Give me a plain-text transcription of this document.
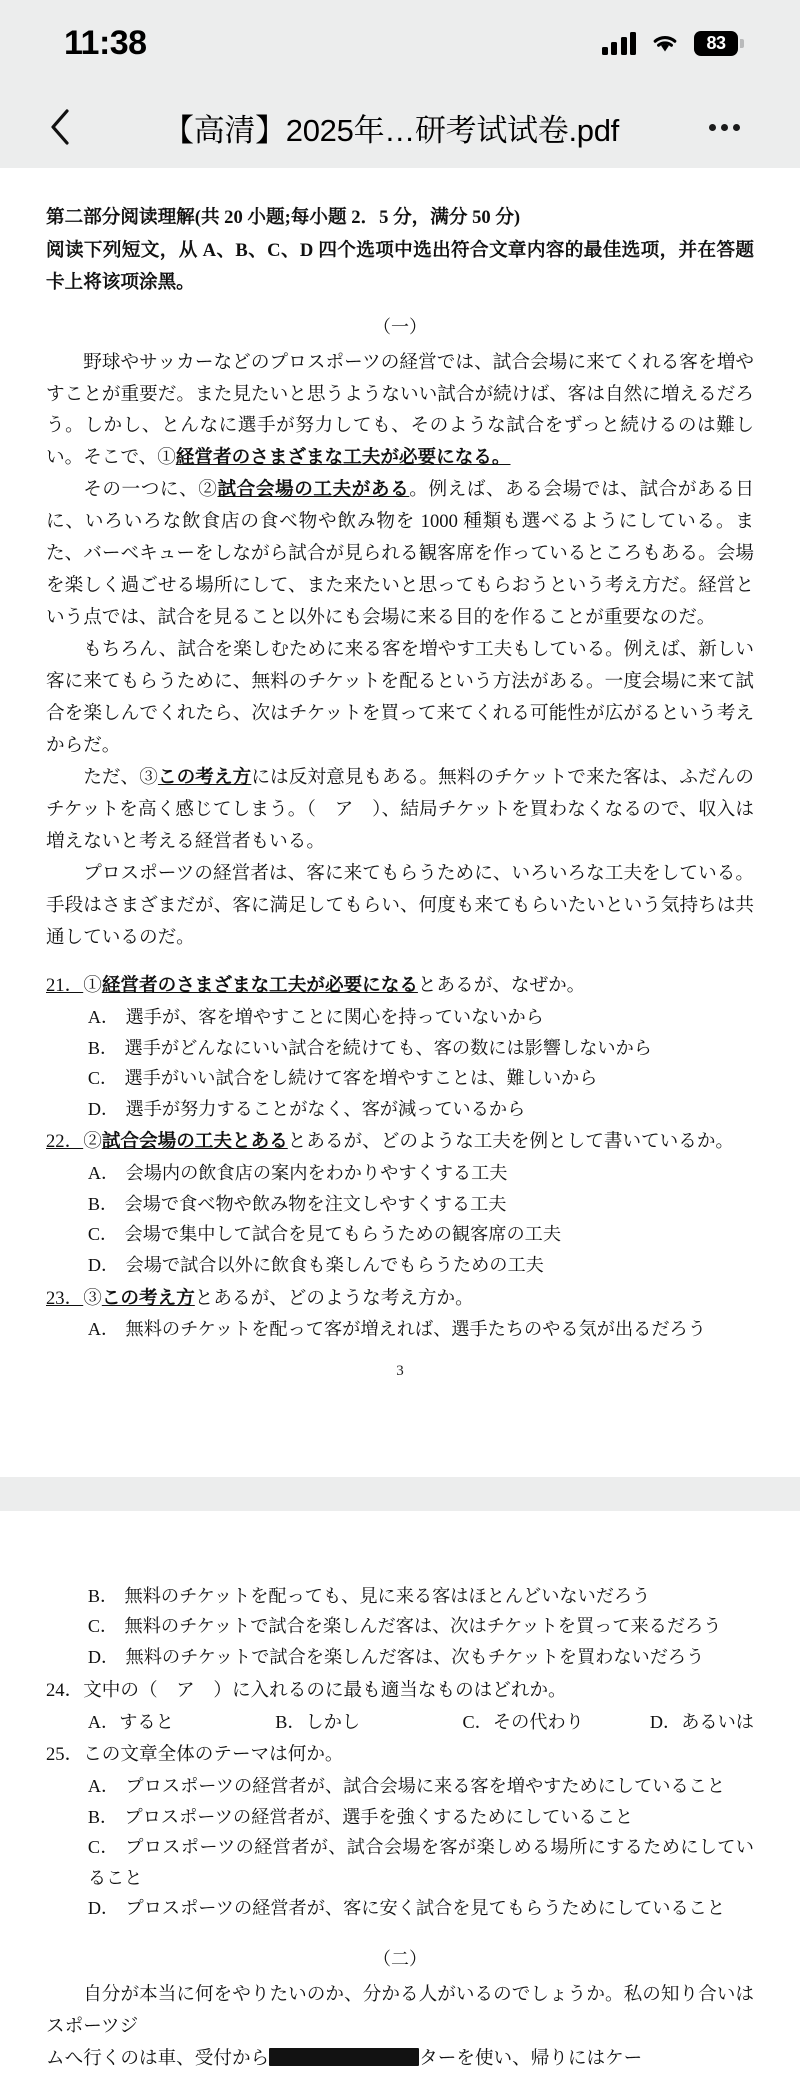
11:38	83
【高清】2025年…研考试试卷.pdf
第二部分阅读理解(共 20 小题;每小题 2．5 分，满分 50 分)
阅读下列短文，从 A、B、C、D 四个选项中选出符合文章内容的最佳选项，并在答题卡上将该项涂黑。
（一）

野球やサッカーなどのプロスポーツの経営では、試合会場に来てくれる客を増やすことが重要だ。また見たいと思うようないい試合が続けば、客は自然に増えるだろう。しかし、とんなに選手が努力しても、そのような試合をずっと続けるのは難しい。そこで、①経営者のさまざまな工夫が必要になる。

その一つに、②試合会場の工夫がある。例えば、ある会場では、試合がある日に、いろいろな飲食店の食べ物や飲み物を 1000 種類も選べるようにしている。また、バーベキューをしながら試合が見られる観客席を作っているところもある。会場を楽しく過ごせる場所にして、また来たいと思ってもらおうという考え方だ。経営という点では、試合を見ること以外にも会場に来る目的を作ることが重要なのだ。

もちろん、試合を楽しむために来る客を増やす工夫もしている。例えば、新しい客に来てもらうために、無料のチケットを配るという方法がある。一度会場に来て試合を楽しんでくれたら、次はチケットを買って来てくれる可能性が広がるという考えからだ。

ただ、③この考え方には反対意見もある。無料のチケットで来た客は、ふだんのチケットを高く感じてしまう。（　ア　）、結局チケットを買わなくなるので、収入は増えないと考える経営者もいる。

プロスポーツの経営者は、客に来てもらうために、いろいろな工夫をしている。手段はさまざまだが、客に満足してもらい、何度も来てもらいたいという気持ちは共通しているのだ。

21．①経営者のさまざまな工夫が必要になるとあるが、なぜか。
A． 選手が、客を増やすことに関心を持っていないから
B． 選手がどんなにいい試合を続けても、客の数には影響しないから
C． 選手がいい試合をし続けて客を増やすことは、難しいから
D． 選手が努力することがなく、客が減っているから
22．②試合会場の工夫とあるとあるが、どのような工夫を例として書いているか。
A． 会場内の飲食店の案内をわかりやすくする工夫
B． 会場で食べ物や飲み物を注文しやすくする工夫
C． 会場で集中して試合を見てもらうための観客席の工夫
D． 会場で試合以外に飲食も楽しんでもらうための工夫
23．③この考え方とあるが、どのような考え方か。
A． 無料のチケットを配って客が増えれば、選手たちのやる気が出るだろう
3
B． 無料のチケットを配っても、見に来る客はほとんどいないだろう
C． 無料のチケットで試合を楽しんだ客は、次はチケットを買って来るだろう
D． 無料のチケットで試合を楽しんだ客は、次もチケットを買わないだろう
24．文中の（　ア　）に入れるのに最も適当なものはどれか。
A．すると	B．しかし	C．その代わり	D．あるいは
25．この文章全体のテーマは何か。
A． プロスポーツの経営者が、試合会場に来る客を増やすためにしていること
B． プロスポーツの経営者が、選手を強くするためにしていること
C． プロスポーツの経営者が、試合会場を客が楽しめる場所にするためにしていること
D． プロスポーツの経営者が、客に安く試合を見てもらうためにしていること
（二）

自分が本当に何をやりたいのか、分かる人がいるのでしょうか。私の知り合いはスポーツジ

ムへ行くのは車、受付から	ターを使い、帰りにはケー
